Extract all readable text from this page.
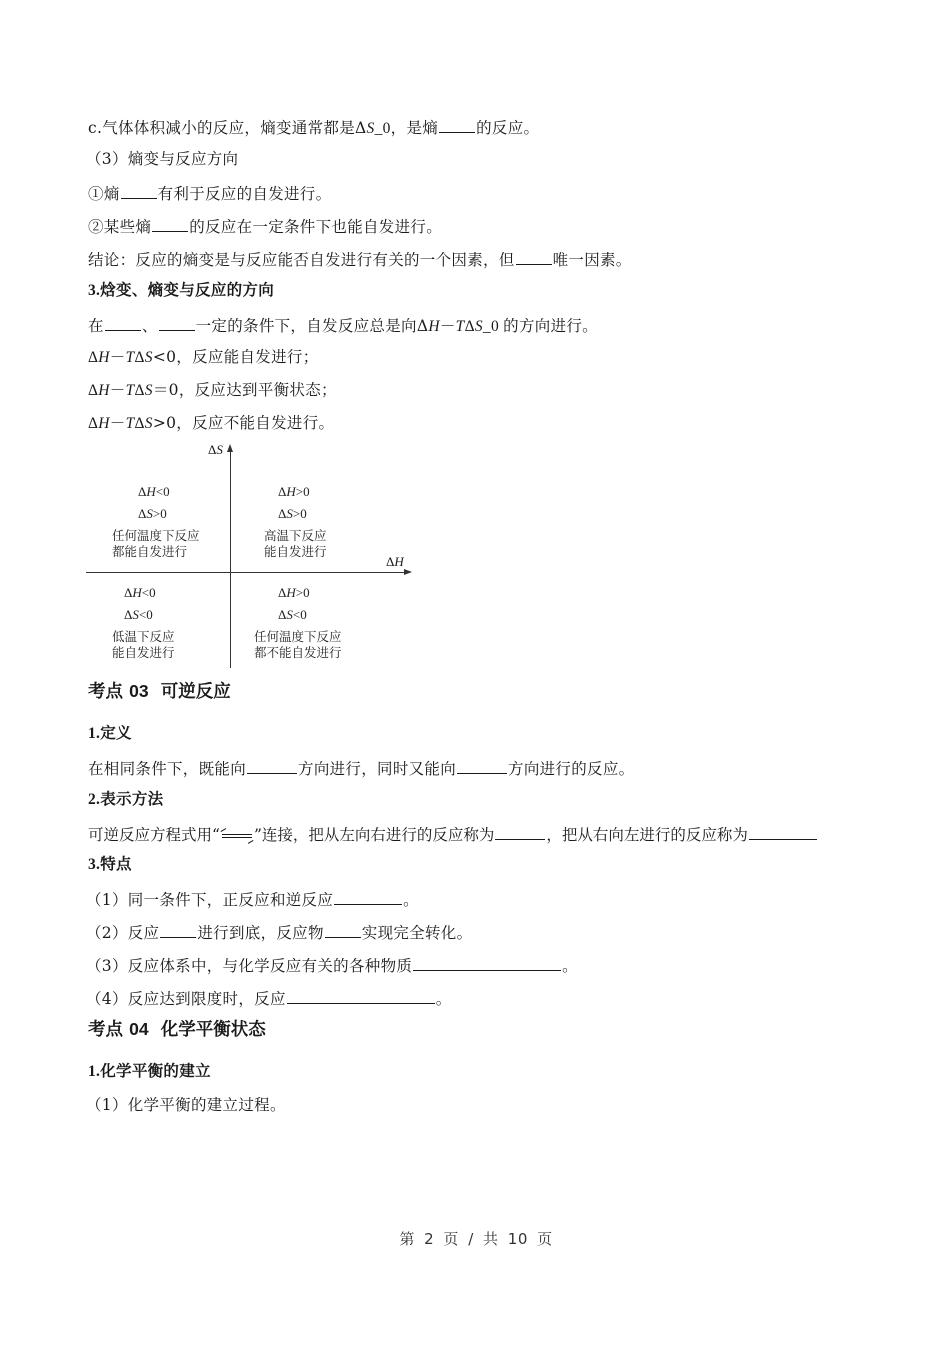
c.气体体积减小的反应，熵变通常都是ΔS_0，是熵 的反应。
（3）熵变与反应方向
①熵 有利于反应的自发进行。
②某些熵 的反应在一定条件下也能自发进行。
结论：反应的熵变是与反应能否自发进行有关的一个因素，但 唯一因素。
3.焓变、熵变与反应的方向
在 、 一定的条件下，自发反应总是向ΔH－TΔS_0 的方向进行。
ΔH－TΔS<0，反应能自发进行；
ΔH－TΔS＝0，反应达到平衡状态；
ΔH－TΔS>0，反应不能自发进行。
ΔS
ΔH
ΔH<0
ΔS>0
任何温度下反应
都能自发进行
ΔH>0
ΔS>0
高温下反应
能自发进行
ΔH<0
ΔS<0
低温下反应
能自发进行
ΔH>0
ΔS<0
任何温度下反应
都不能自发进行
考点 03 可逆反应
1.定义
在相同条件下，既能向	方向进行，同时又能向	方向进行的反应。
2.表示方法
可逆反应方程式用“ ”连接，把从左向右进行的反应称为	，把从右向左进行的反应称为
3.特点
（1）同一条件下，正反应和逆反应	。
（2）反应 进行到底，反应物 实现完全转化。
（3）反应体系中，与化学反应有关的各种物质	。
（4）反应达到限度时，反应	。
考点 04 化学平衡状态
1.化学平衡的建立
（1）化学平衡的建立过程。
第 2 页 / 共 10 页
